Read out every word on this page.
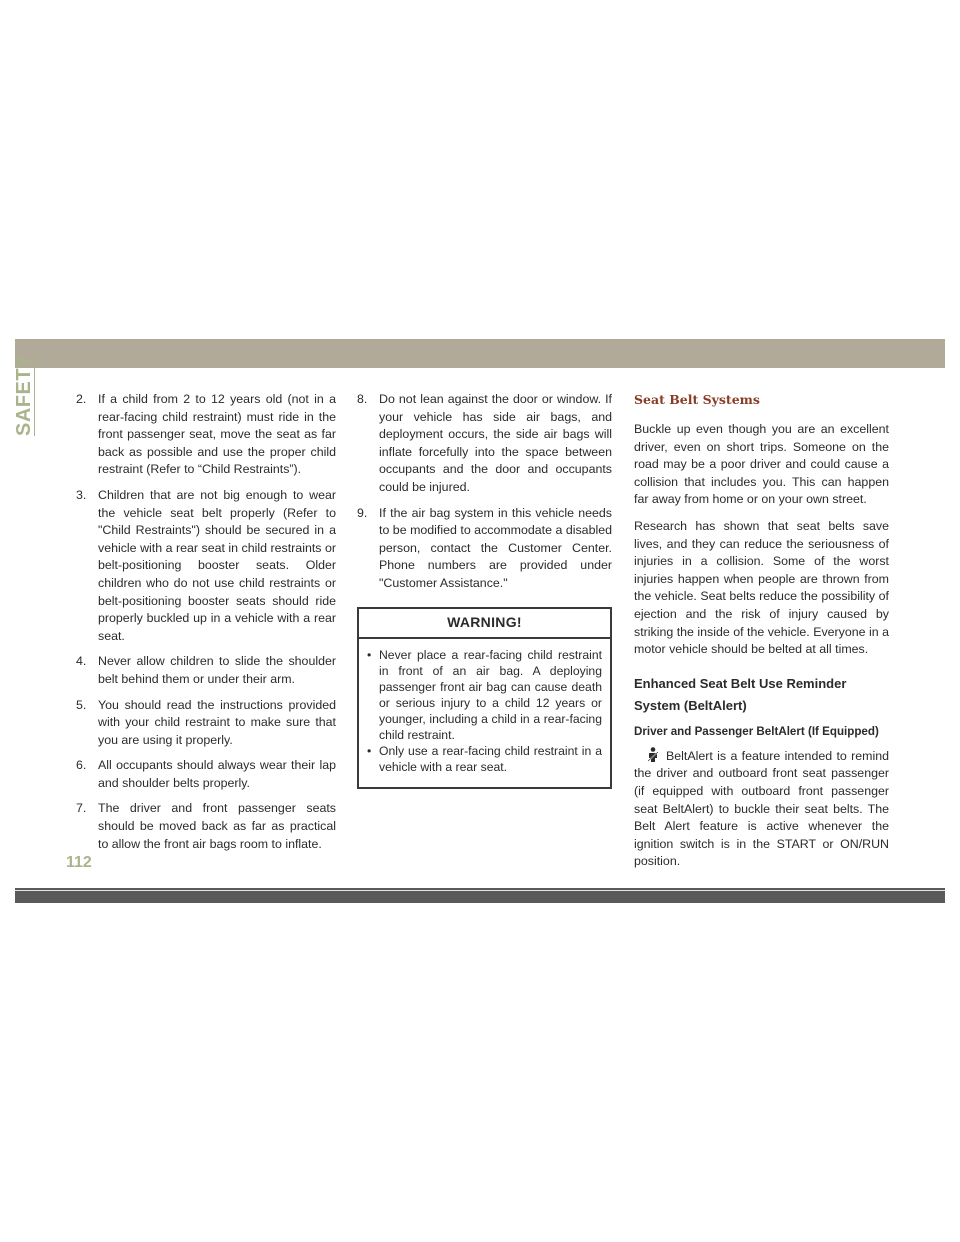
SAFETY	2. If a child from 2 to 12 years old (not in a rear-facing child restraint) must ride in the front passenger seat, move the seat as far back as possible and use the proper child restraint (Refer to “Child Restraints”).

3. Children that are not big enough to wear the vehicle seat belt properly (Refer to "Child Restraints") should be secured in a vehicle with a rear seat in child restraints or belt-positioning booster seats. Older children who do not use child restraints or belt-positioning booster seats should ride properly buckled up in a vehicle with a rear seat.

4. Never allow children to slide the shoulder belt behind them or under their arm.

5. You should read the instructions provided with your child restraint to make sure that you are using it properly.

6. All occupants should always wear their lap and shoulder belts properly.

7. The driver and front passenger seats should be moved back as far as practical to allow the front air bags room to inflate.

8. Do not lean against the door or window. If your vehicle has side air bags, and deployment occurs, the side air bags will inflate forcefully into the space between occupants and the door and occupants could be injured.

9. If the air bag system in this vehicle needs to be modified to accommodate a disabled person, contact the Customer Center. Phone numbers are provided under "Customer Assistance."

WARNING!

• Never place a rear-facing child restraint in front of an air bag. A deploying passenger front air bag can cause death or serious injury to a child 12 years or younger, including a child in a rear-facing child restraint.

• Only use a rear-facing child restraint in a vehicle with a rear seat.

Seat Belt Systems

Buckle up even though you are an excellent driver, even on short trips. Someone on the road may be a poor driver and could cause a collision that includes you. This can happen far away from home or on your own street.

Research has shown that seat belts save lives, and they can reduce the seriousness of injuries in a collision. Some of the worst injuries happen when people are thrown from the vehicle. Seat belts reduce the possibility of ejection and the risk of injury caused by striking the inside of the vehicle. Everyone in a motor vehicle should be belted at all times.

Enhanced Seat Belt Use Reminder System (BeltAlert)
Driver and Passenger BeltAlert (If Equipped)

BeltAlert is a feature intended to remind the driver and outboard front seat passenger (if equipped with outboard front passenger seat BeltAlert) to buckle their seat belts. The Belt Alert feature is active whenever the ignition switch is in the START or ON/RUN position.

112
